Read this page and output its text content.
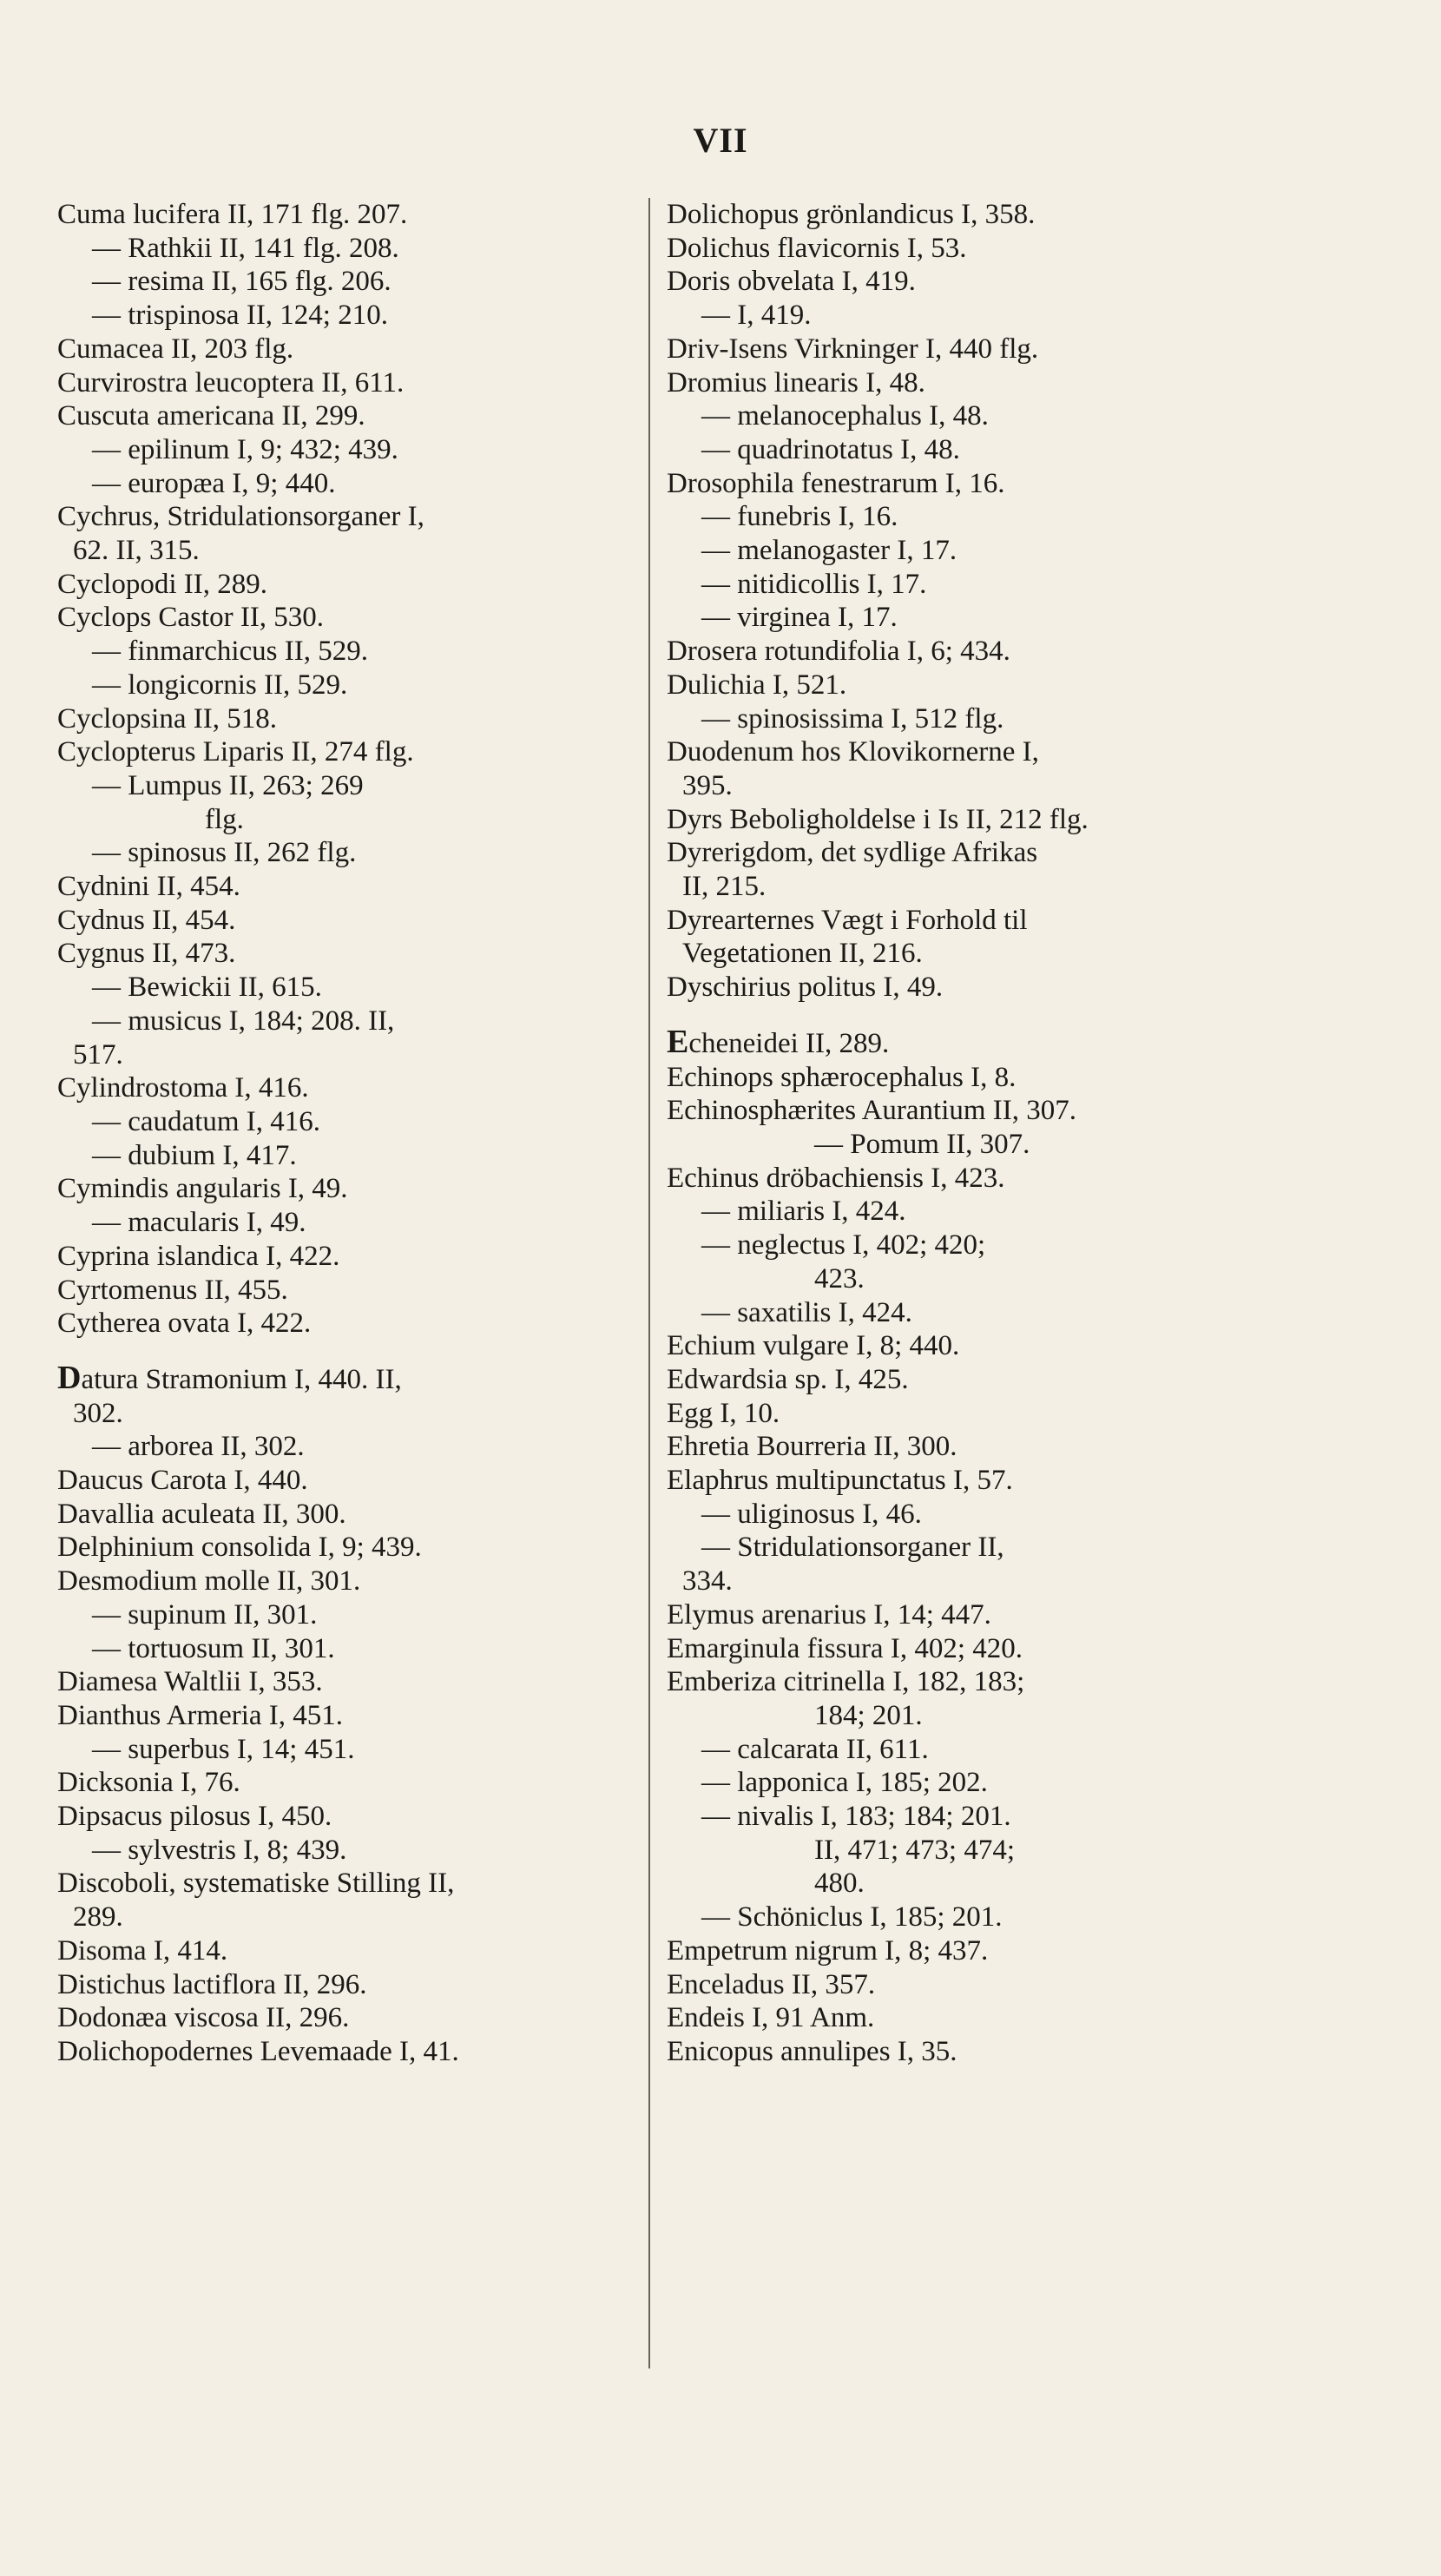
VII
Cuma lucifera II, 171 flg. 207.
— Rathkii II, 141 flg. 208.
— resima II, 165 flg. 206.
— trispinosa II, 124; 210.
Cumacea II, 203 flg.
Curvirostra leucoptera II, 611.
Cuscuta americana II, 299.
— epilinum I, 9; 432; 439.
— europæa I, 9; 440.
Cychrus, Stridulationsorganer I,
62. II, 315.
Cyclopodi II, 289.
Cyclops Castor II, 530.
— finmarchicus II, 529.
— longicornis II, 529.
Cyclopsina II, 518.
Cyclopterus Liparis II, 274 flg.
— Lumpus II, 263; 269
flg.
— spinosus II, 262 flg.
Cydnini II, 454.
Cydnus II, 454.
Cygnus II, 473.
— Bewickii II, 615.
— musicus I, 184; 208. II,
517.
Cylindrostoma I, 416.
— caudatum I, 416.
— dubium I, 417.
Cymindis angularis I, 49.
— macularis I, 49.
Cyprina islandica I, 422.
Cyrtomenus II, 455.
Cytherea ovata I, 422.
Datura Stramonium I, 440. II,
302.
— arborea II, 302.
Daucus Carota I, 440.
Davallia aculeata II, 300.
Delphinium consolida I, 9; 439.
Desmodium molle II, 301.
— supinum II, 301.
— tortuosum II, 301.
Diamesa Waltlii I, 353.
Dianthus Armeria I, 451.
— superbus I, 14; 451.
Dicksonia I, 76.
Dipsacus pilosus I, 450.
— sylvestris I, 8; 439.
Discoboli, systematiske Stilling II,
289.
Disoma I, 414.
Distichus lactiflora II, 296.
Dodonæa viscosa II, 296.
Dolichopodernes Levemaade I, 41.
Dolichopus grönlandicus I, 358.
Dolichus flavicornis I, 53.
Doris obvelata I, 419.
— I, 419.
Driv-Isens Virkninger I, 440 flg.
Dromius linearis I, 48.
— melanocephalus I, 48.
— quadrinotatus I, 48.
Drosophila fenestrarum I, 16.
— funebris I, 16.
— melanogaster I, 17.
— nitidicollis I, 17.
— virginea I, 17.
Drosera rotundifolia I, 6; 434.
Dulichia I, 521.
— spinosissima I, 512 flg.
Duodenum hos Klovikornerne I,
395.
Dyrs Beboligholdelse i Is II, 212 flg.
Dyrerigdom, det sydlige Afrikas
II, 215.
Dyrearternes Vægt i Forhold til
Vegetationen II, 216.
Dyschirius politus I, 49.
Echeneidei II, 289.
Echinops sphærocephalus I, 8.
Echinosphærites Aurantium II, 307.
— Pomum II, 307.
Echinus dröbachiensis I, 423.
— miliaris I, 424.
— neglectus I, 402; 420;
423.
— saxatilis I, 424.
Echium vulgare I, 8; 440.
Edwardsia sp. I, 425.
Egg I, 10.
Ehretia Bourreria II, 300.
Elaphrus multipunctatus I, 57.
— uliginosus I, 46.
— Stridulationsorganer II,
334.
Elymus arenarius I, 14; 447.
Emarginula fissura I, 402; 420.
Emberiza citrinella I, 182, 183;
184; 201.
— calcarata II, 611.
— lapponica I, 185; 202.
— nivalis I, 183; 184; 201.
II, 471; 473; 474;
480.
— Schöniclus I, 185; 201.
Empetrum nigrum I, 8; 437.
Enceladus II, 357.
Endeis I, 91 Anm.
Enicopus annulipes I, 35.
